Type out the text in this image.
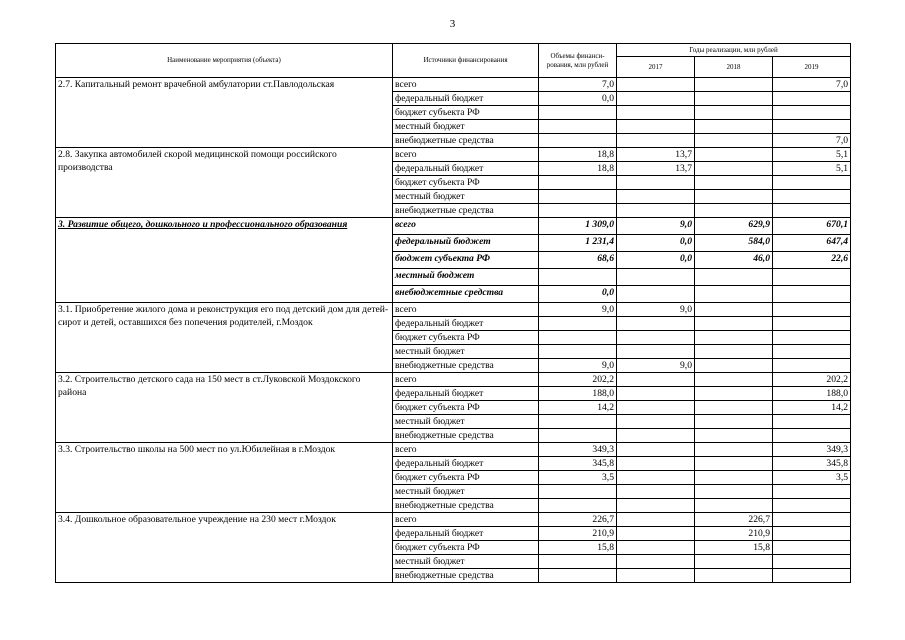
3
Наименование мероприятия (объекта)	Источники финансирования	Объемы финанси-рования, млн рублей	Годы реализации, млн рублей		
			2017	2018	2019
2.7. Капитальный ремонт врачебной амбулатории ст.Павлодольская	всего	7,0			7,0
	федеральный бюджет	0,0			
	бюджет субъекта РФ				
	местный бюджет				
	внебюджетные средства				7,0
2.8. Закупка автомобилей скорой медицинской помощи российского производства	всего	18,8	13,7		5,1
	федеральный бюджет	18,8	13,7		5,1
	бюджет субъекта РФ				
	местный бюджет				
	внебюджетные средства				
3. Развитие общего, дошкольного и профессионального образования	всего	1 309,0	9,0	629,9	670,1
	федеральный бюджет	1 231,4	0,0	584,0	647,4
	бюджет субъекта РФ	68,6	0,0	46,0	22,6
	местный бюджет				
	внебюджетные средства	0,0			
3.1. Приобретение жилого дома и реконструкция его под детский дом для детей-сирот и детей, оставшихся без попечения родителей, г.Моздок	всего	9,0	9,0		
	федеральный бюджет				
	бюджет субъекта РФ				
	местный бюджет				
	внебюджетные средства	9,0	9,0		
3.2. Строительство детского сада на 150 мест в ст.Луковской Моздокского района	всего	202,2			202,2
	федеральный бюджет	188,0			188,0
	бюджет субъекта РФ	14,2			14,2
	местный бюджет				
	внебюджетные средства				
3.3. Строительство школы на 500 мест по ул.Юбилейная в г.Моздок	всего	349,3			349,3
	федеральный бюджет	345,8			345,8
	бюджет субъекта РФ	3,5			3,5
	местный бюджет				
	внебюджетные средства				
3.4. Дошкольное образовательное учреждение на 230 мест г.Моздок	всего	226,7		226,7	
	федеральный бюджет	210,9		210,9	
	бюджет субъекта РФ	15,8		15,8	
	местный бюджет				
	внебюджетные средства				
